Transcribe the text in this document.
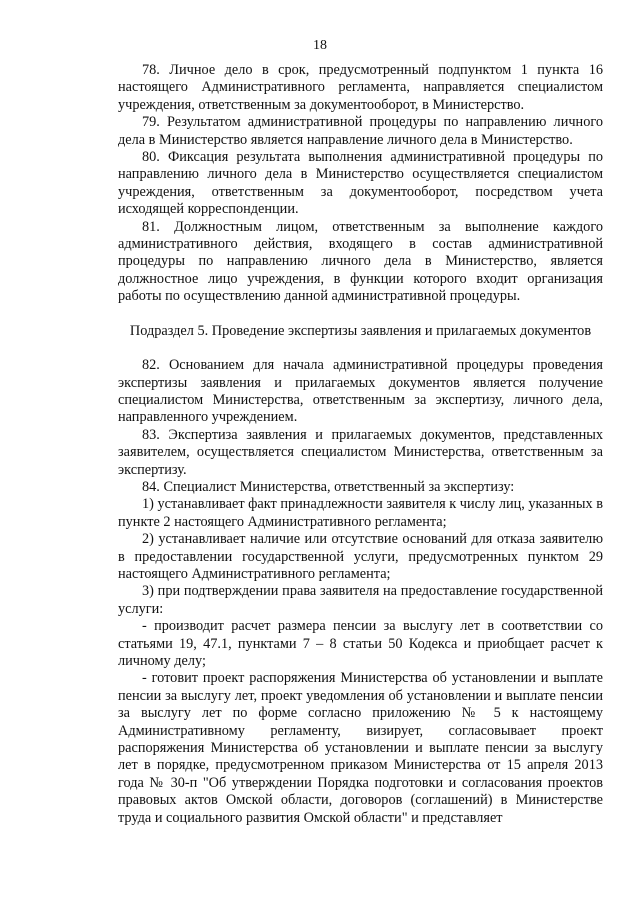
18

78. Личное дело в срок, предусмотренный подпунктом 1 пункта 16 настоящего Административного регламента, направляется специалистом учреждения, ответственным за документооборот, в Министерство.

79. Результатом административной процедуры по направлению личного дела в Министерство является направление личного дела в Министерство.

80. Фиксация результата выполнения административной процедуры по направлению личного дела в Министерство осуществляется специалистом учреждения, ответственным за документооборот, посредством учета исходящей корреспонденции.

81. Должностным лицом, ответственным за выполнение каждого административного действия, входящего в состав административной процедуры по направлению личного дела в Министерство, является должностное лицо учреждения, в функции которого входит организация работы по осуществлению данной административной процедуры.

Подраздел 5. Проведение экспертизы заявления и прилагаемых документов

82. Основанием для начала административной процедуры проведения экспертизы заявления и прилагаемых документов является получение специалистом Министерства, ответственным за экспертизу, личного дела, направленного учреждением.

83. Экспертиза заявления и прилагаемых документов, представленных заявителем, осуществляется специалистом Министерства, ответственным за экспертизу.

84. Специалист Министерства, ответственный за экспертизу:

1) устанавливает факт принадлежности заявителя к числу лиц, указанных в пункте 2 настоящего Административного регламента;

2) устанавливает наличие или отсутствие оснований для отказа заявителю в предоставлении государственной услуги, предусмотренных пунктом 29 настоящего Административного регламента;

3) при подтверждении права заявителя на предоставление государственной услуги:

- производит расчет размера пенсии за выслугу лет в соответствии со статьями 19, 47.1, пунктами 7 – 8 статьи 50 Кодекса и приобщает расчет к личному делу;

- готовит проект распоряжения Министерства об установлении и выплате пенсии за выслугу лет, проект уведомления об установлении и выплате пенсии за выслугу лет по форме согласно приложению № 5 к настоящему Административному регламенту, визирует, согласовывает проект распоряжения Министерства об установлении и выплате пенсии за выслугу лет в порядке, предусмотренном приказом Министерства от 15 апреля 2013 года № 30-п "Об утверждении Порядка подготовки и согласования проектов правовых актов Омской области, договоров (соглашений) в Министерстве труда и социального развития Омской области" и представляет
